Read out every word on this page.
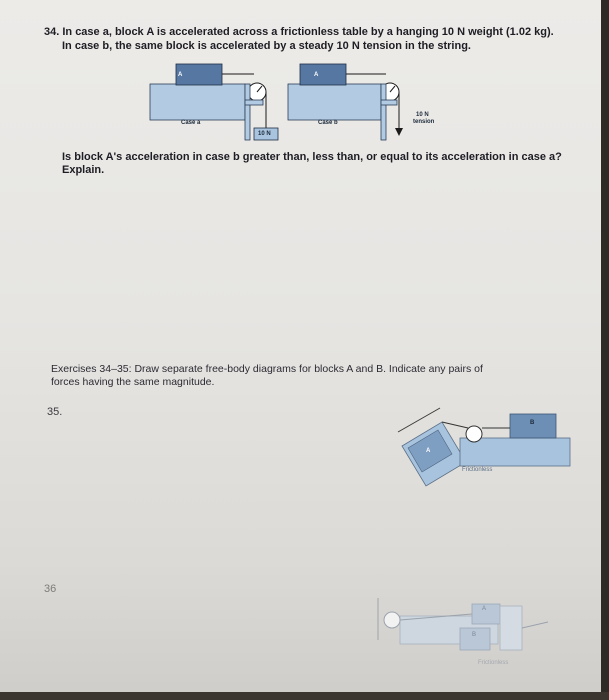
34. In case a, block A is accelerated across a frictionless table by a hanging 10 N weight (1.02 kg).
In case b, the same block is accelerated by a steady 10 N tension in the string.
A	A
Case a	Case b
10 N
10 N
tension
Is block A's acceleration in case b greater than, less than, or equal to its acceleration in case a?
Explain.
Exercises 34–35: Draw separate free-body diagrams for blocks A and B. Indicate any pairs of
forces having the same magnitude.
35.
A
B
Frictionless
36
A
B
Frictionless
